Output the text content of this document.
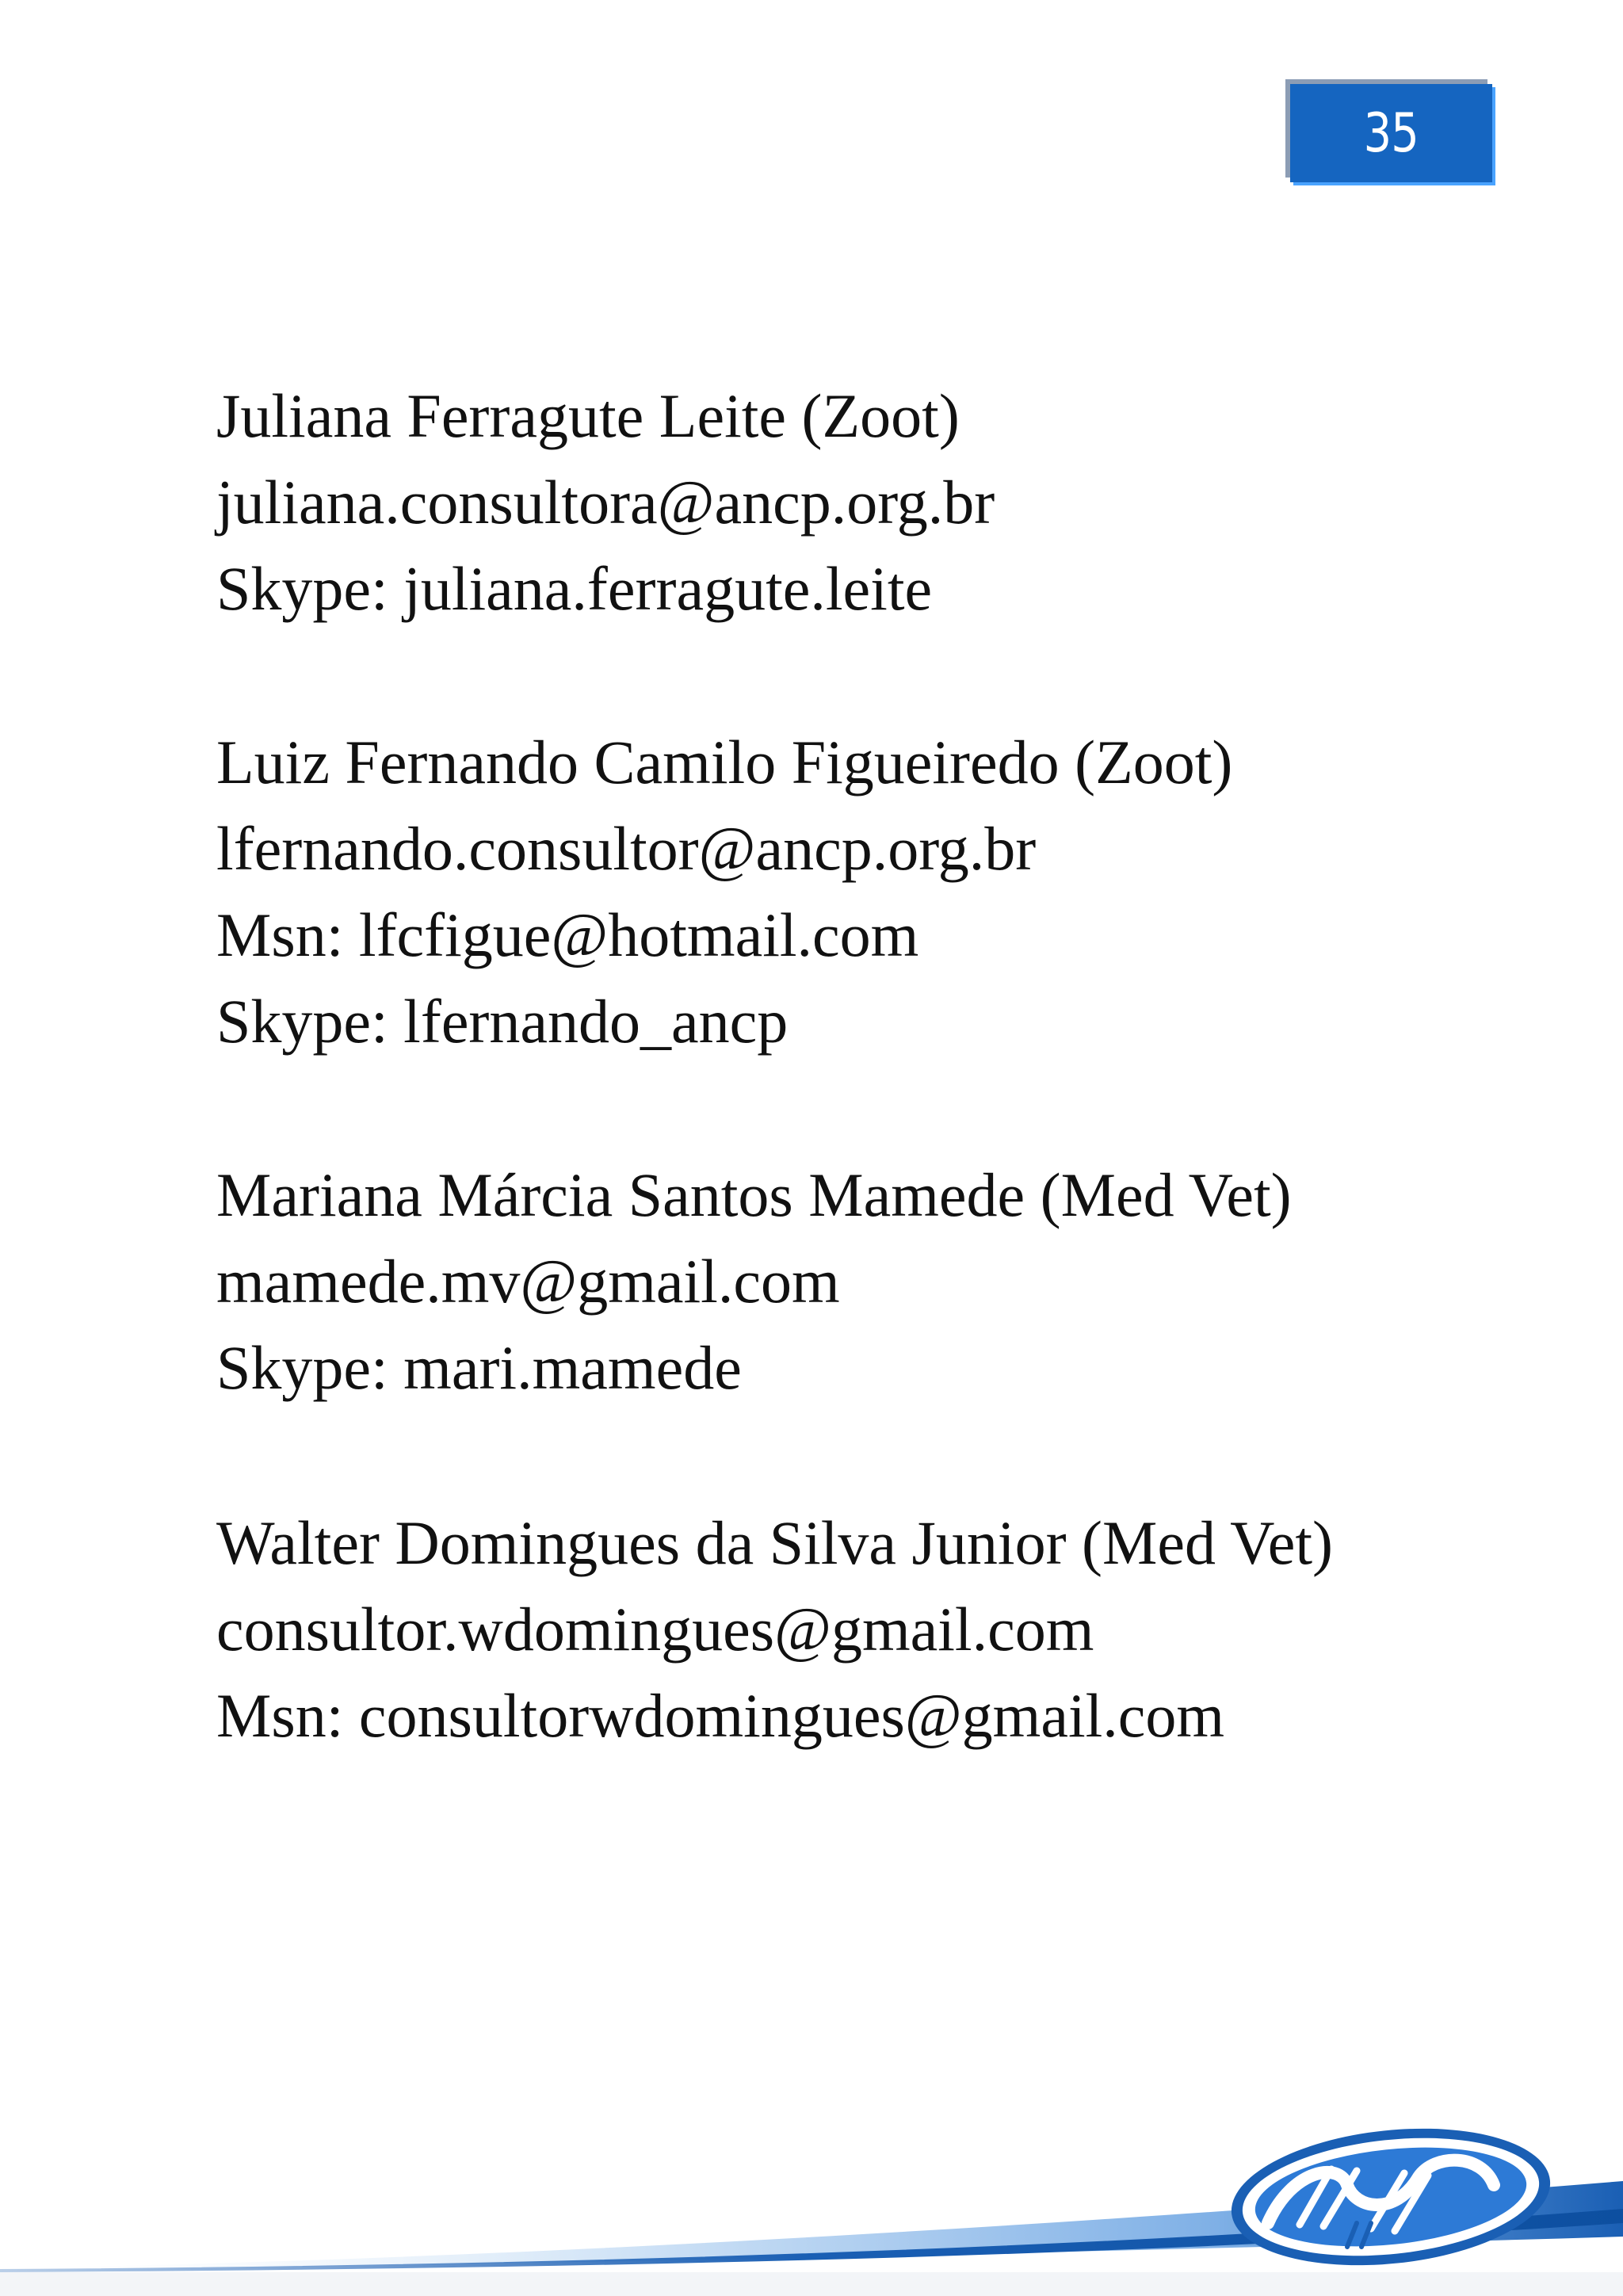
35
Juliana Ferragute Leite (Zoot)
juliana.consultora@ancp.org.br
Skype: juliana.ferragute.leite
Luiz Fernando Camilo Figueiredo (Zoot)
lfernando.consultor@ancp.org.br
Msn: lfcfigue@hotmail.com
Skype: lfernando_ancp
Mariana Márcia Santos Mamede (Med Vet)
mamede.mv@gmail.com
Skype: mari.mamede
Walter Domingues da Silva Junior (Med Vet)
consultor.wdomingues@gmail.com
Msn: consultorwdomingues@gmail.com
